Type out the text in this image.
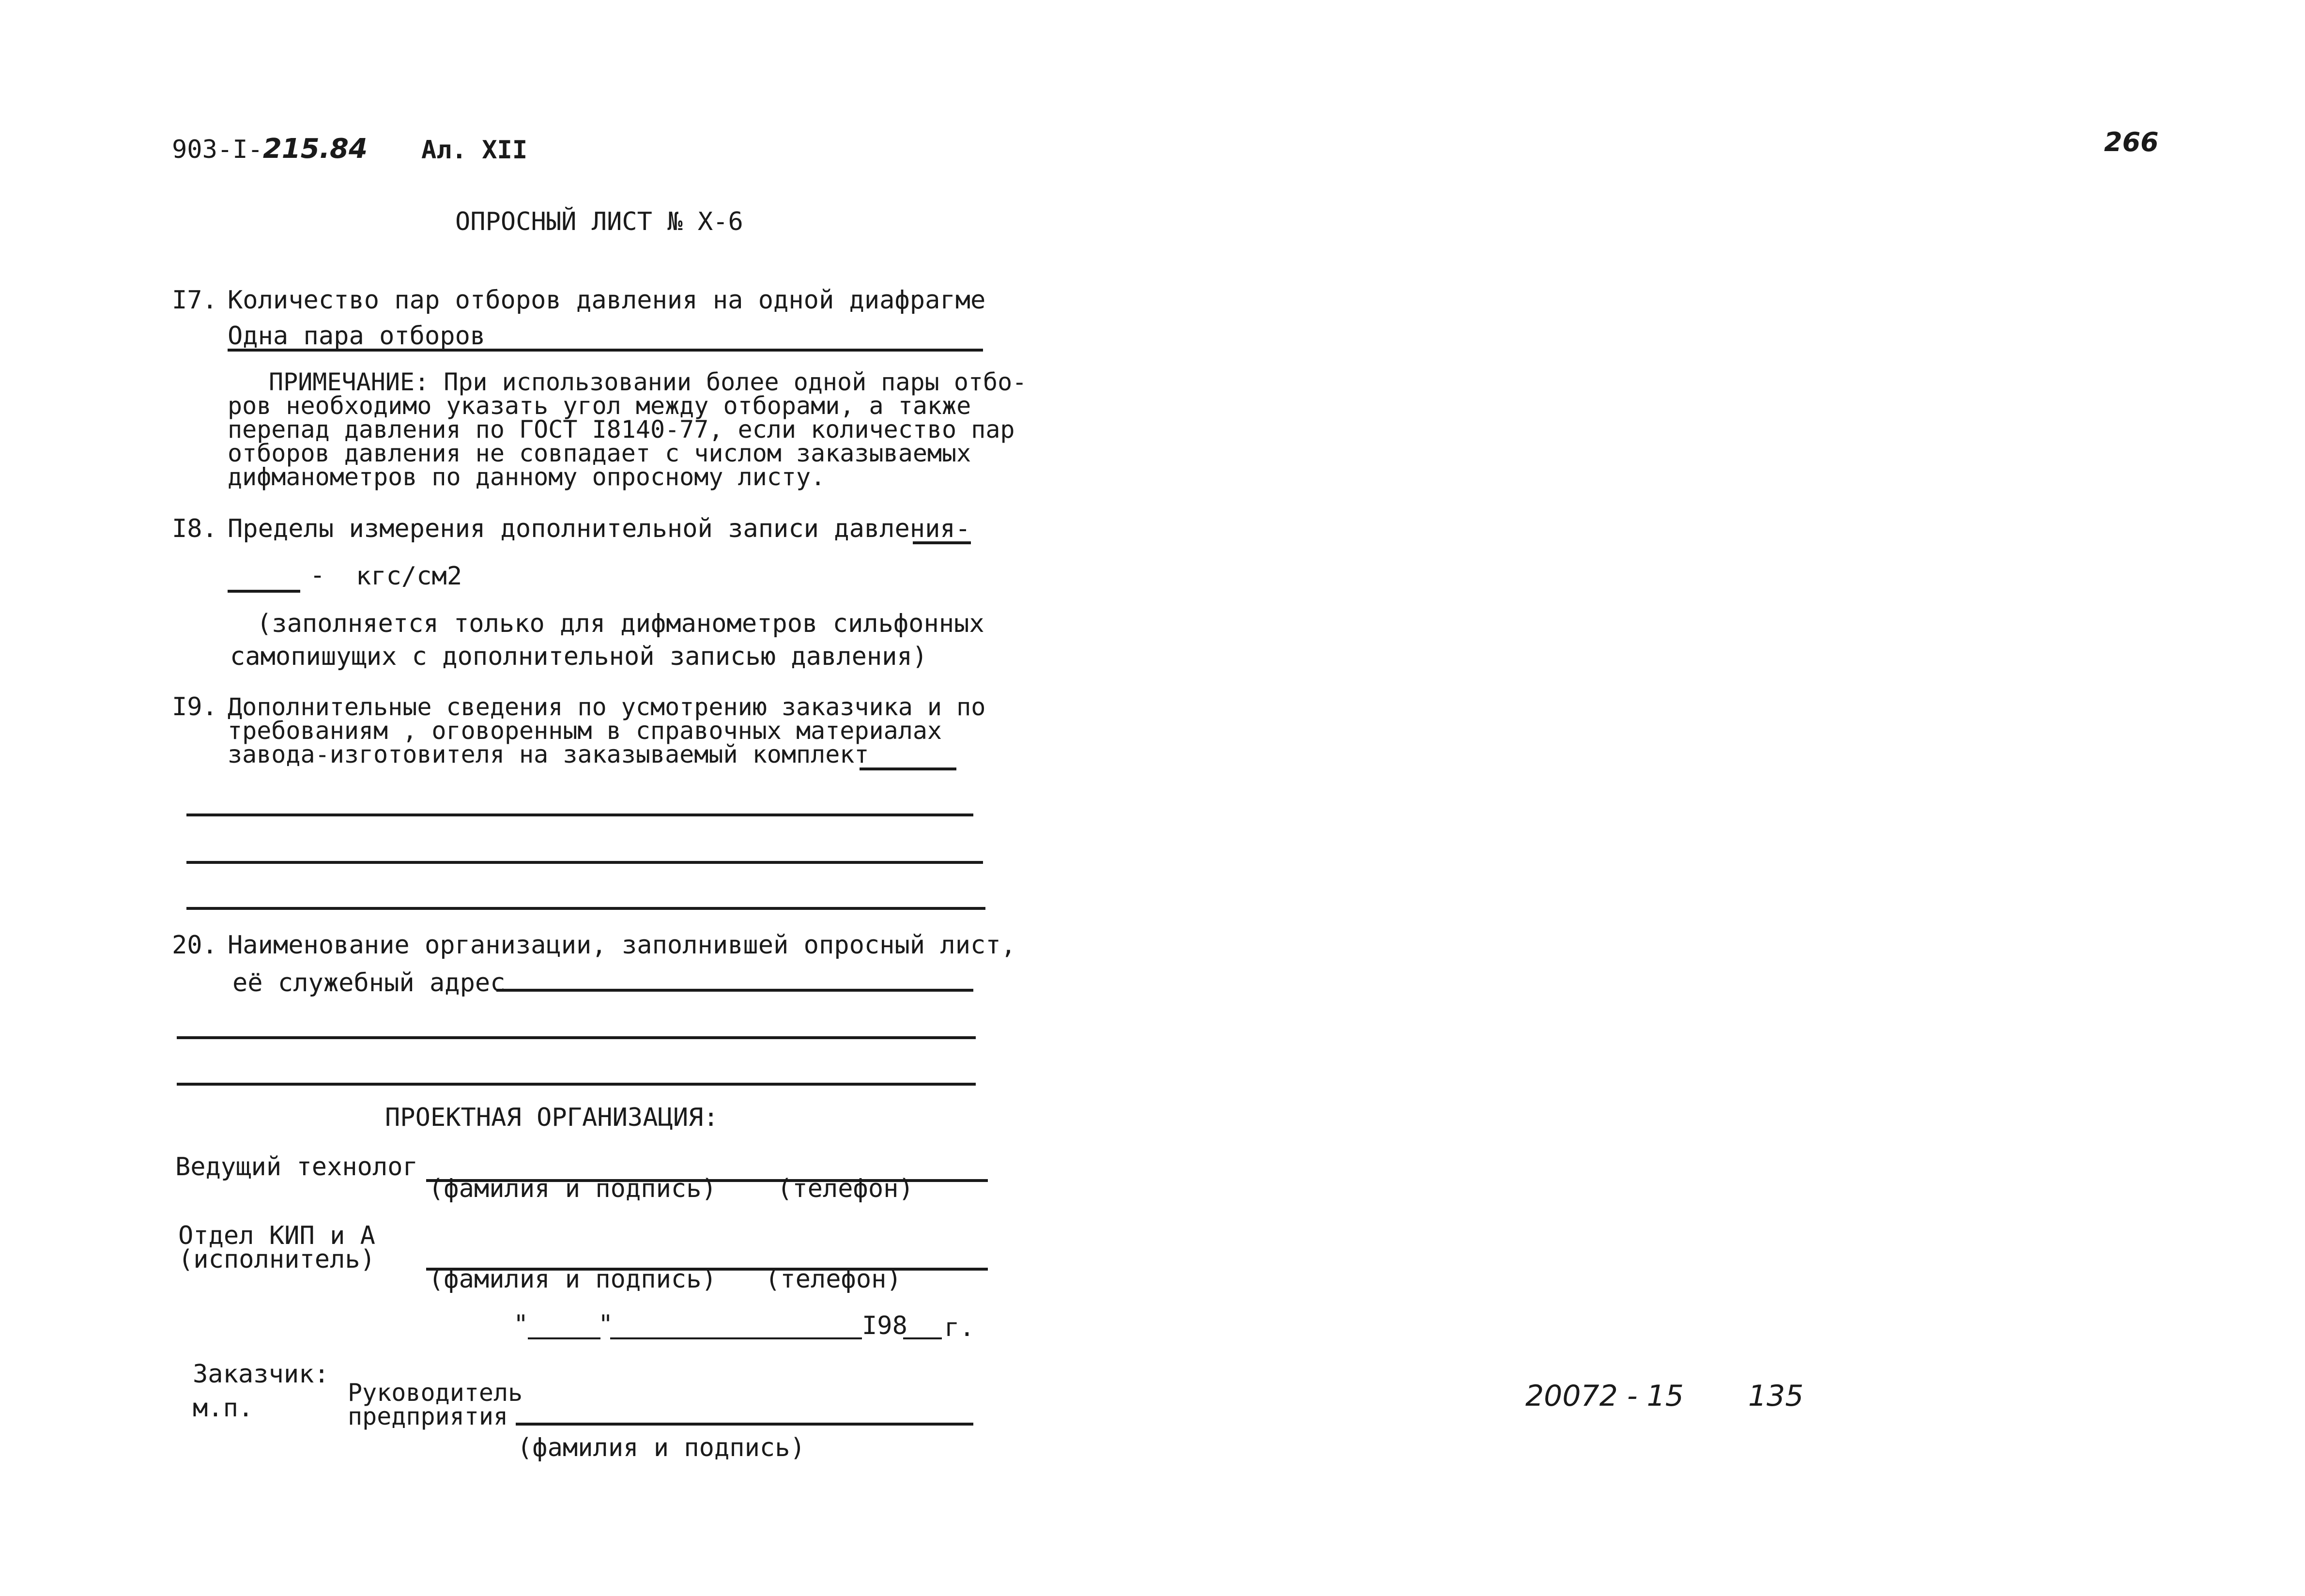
903-I-215.84 Ал. XII	266
ОПРОСНЫЙ ЛИСТ № Х-6
I7. Количество пар отборов давления на одной диафрагме
Одна пара отборов
ПРИМЕЧАНИЕ: При использовании более одной пары отбо-
ров необходимо указать угол между отборами, а также
перепад давления по ГОСТ I8140-77, если количество пар
отборов давления не совпадает с числом заказываемых
дифманометров по данному опросному листу.
I8. Пределы измерения дополнительной записи давления-
- кгс/см2
(заполняется только для дифманометров сильфонных
самопишущих с дополнительной записью давления)
I9. Дополнительные сведения по усмотрению заказчика и по
требованиям , оговоренным в справочных материалах
завода-изготовителя на заказываемый комплект
20. Наименование организации, заполнившей опросный лист,
её служебный адрес
ПРОЕКТНАЯ ОРГАНИЗАЦИЯ:
Ведущий технолог
(фамилия и подпись) (телефон)
Отдел КИП и А
(исполнитель)
(фамилия и подпись) (телефон)
"	"	I98 г.
Заказчик:
м.п.
Руководитель
предприятия
(фамилия и подпись)
20072 - 15 135
